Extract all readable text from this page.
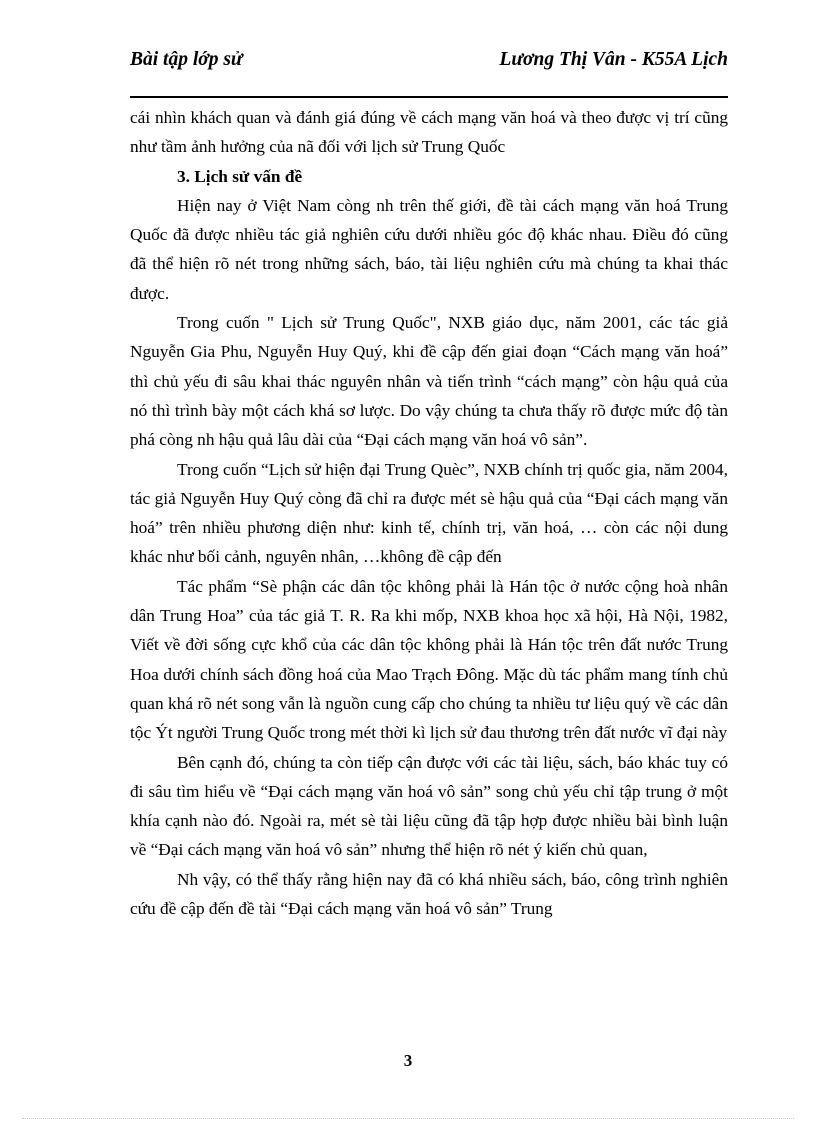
Bài tập lớp sử	Lương Thị Vân - K55A Lịch

cái nhìn khách quan và đánh giá đúng về cách mạng văn hoá và theo được vị trí cũng như tầm ảnh hưởng của nã đối với lịch sử Trung Quốc

3. Lịch sử vấn đề

Hiện nay ở Việt Nam còng nh trên thế giới, đề tài cách mạng văn hoá Trung Quốc đã được nhiều tác giả nghiên cứu dưới nhiều góc độ khác nhau. Điều đó cũng đã thể hiện rõ nét trong những sách, báo, tài liệu nghiên cứu mà chúng ta khai thác được.

Trong cuốn " Lịch sử Trung Quốc", NXB giáo dục, năm 2001, các tác giả Nguyễn Gia Phu, Nguyễn Huy Quý, khi đề cập đến giai đoạn “Cách mạng văn hoá” thì chủ yếu đi sâu khai thác nguyên nhân và tiến trình “cách mạng” còn hậu quả của nó thì trình bày một cách khá sơ lược. Do vậy chúng ta chưa thấy rõ được mức độ tàn phá còng nh hậu quả lâu dài của “Đại cách mạng văn hoá vô sản”.

Trong cuốn “Lịch sử hiện đại Trung Quèc”, NXB chính trị quốc gia, năm 2004, tác giả Nguyễn Huy Quý còng đã chỉ ra được mét sè hậu quả của “Đại cách mạng văn hoá” trên nhiều phương diện như: kinh tế, chính trị, văn hoá, … còn các nội dung khác như bối cảnh, nguyên nhân, …không đề cập đến

Tác phẩm “Sè phận các dân tộc không phải là Hán tộc ở nước cộng hoà nhân dân Trung Hoa” của tác giả T. R. Ra khi mốp, NXB khoa học xã hội, Hà Nội, 1982, Viết về đời sống cực khổ của các dân tộc không phải là Hán tộc trên đất nước Trung Hoa dưới chính sách đồng hoá của Mao Trạch Đông. Mặc dù tác phẩm mang tính chủ quan khá rõ nét song vẫn là nguồn cung cấp cho chúng ta nhiều tư liệu quý về các dân tộc Ýt người Trung Quốc trong mét thời kì lịch sử đau thương trên đất nước vĩ đại này

Bên cạnh đó, chúng ta còn tiếp cận được với các tài liệu, sách, báo khác tuy có đi sâu tìm hiểu về “Đại cách mạng văn hoá vô sản” song chủ yếu chỉ tập trung ở một khía cạnh nào đó. Ngoài ra, mét sè tài liệu cũng đã tập hợp được nhiều bài bình luận về “Đại cách mạng văn hoá vô sản” nhưng thể hiện rõ nét ý kiến chủ quan,

Nh vậy, có thể thấy rằng hiện nay đã có khá nhiều sách, báo, công trình nghiên cứu đề cập đến đề tài “Đại cách mạng văn hoá vô sản” Trung

3
